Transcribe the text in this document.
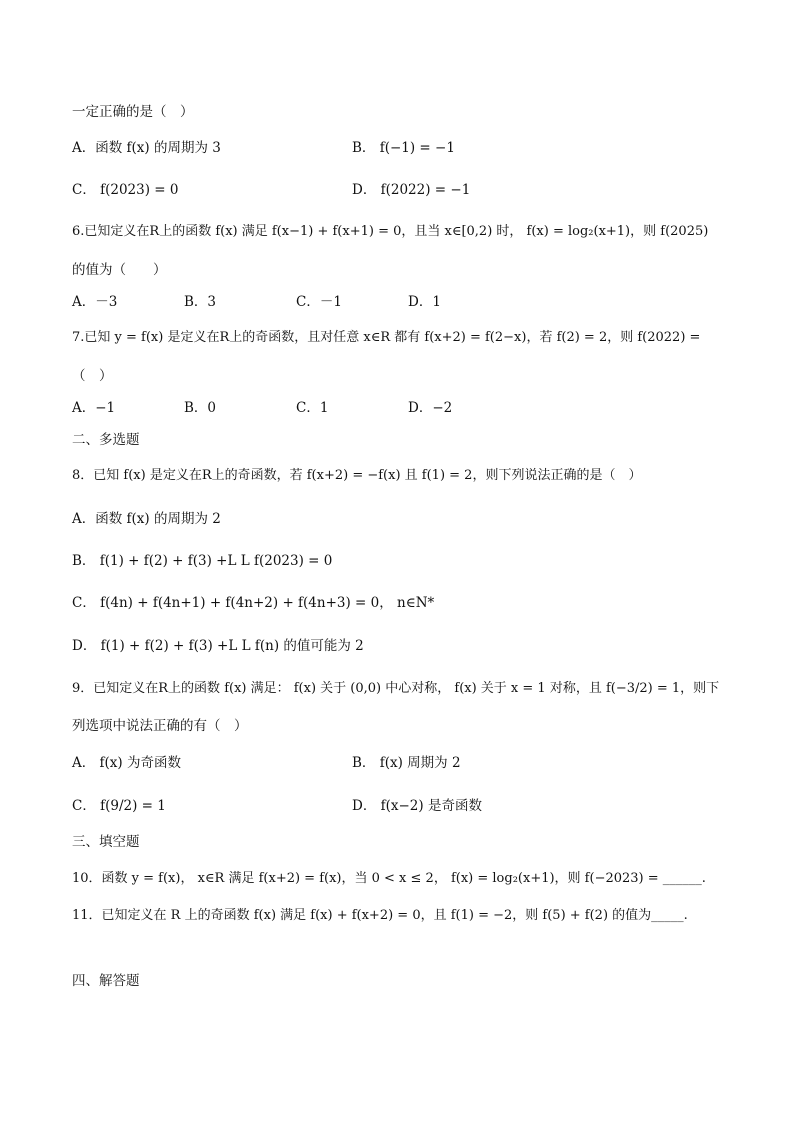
一定正确的是（　）
A．函数 f(x) 的周期为 3	B． f(−1) = −1
C． f(2023) = 0	D． f(2022) = −1
6.已知定义在R上的函数 f(x) 满足 f(x−1) + f(x+1) = 0，且当 x∈[0,2) 时， f(x) = log₂(x+1)，则 f(2025)
的值为（　　）
A．－3	B．3	C．－1	D．1
7.已知 y = f(x) 是定义在R上的奇函数，且对任意 x∈R 都有 f(x+2) = f(2−x)，若 f(2) = 2，则 f(2022) =
（　）
A．−1	B．0	C．1	D．−2
二、多选题
8．已知 f(x) 是定义在R上的奇函数，若 f(x+2) = −f(x) 且 f(1) = 2，则下列说法正确的是（　）
A．函数 f(x) 的周期为 2
B． f(1) + f(2) + f(3) +L L f(2023) = 0
C． f(4n) + f(4n+1) + f(4n+2) + f(4n+3) = 0， n∈N*
D． f(1) + f(2) + f(3) +L L f(n) 的值可能为 2
9．已知定义在R上的函数 f(x) 满足： f(x) 关于 (0,0) 中心对称， f(x) 关于 x = 1 对称，且 f(−3/2) = 1，则下
列选项中说法正确的有（　）
A． f(x) 为奇函数	B． f(x) 周期为 2
C． f(9/2) = 1	D． f(x−2) 是奇函数
三、填空题
10．函数 y = f(x)， x∈R 满足 f(x+2) = f(x)，当 0 < x ≤ 2， f(x) = log₂(x+1)，则 f(−2023) = ______.
11．已知定义在 R 上的奇函数 f(x) 满足 f(x) + f(x+2) = 0，且 f(1) = −2，则 f(5) + f(2) 的值为_____.
四、解答题
